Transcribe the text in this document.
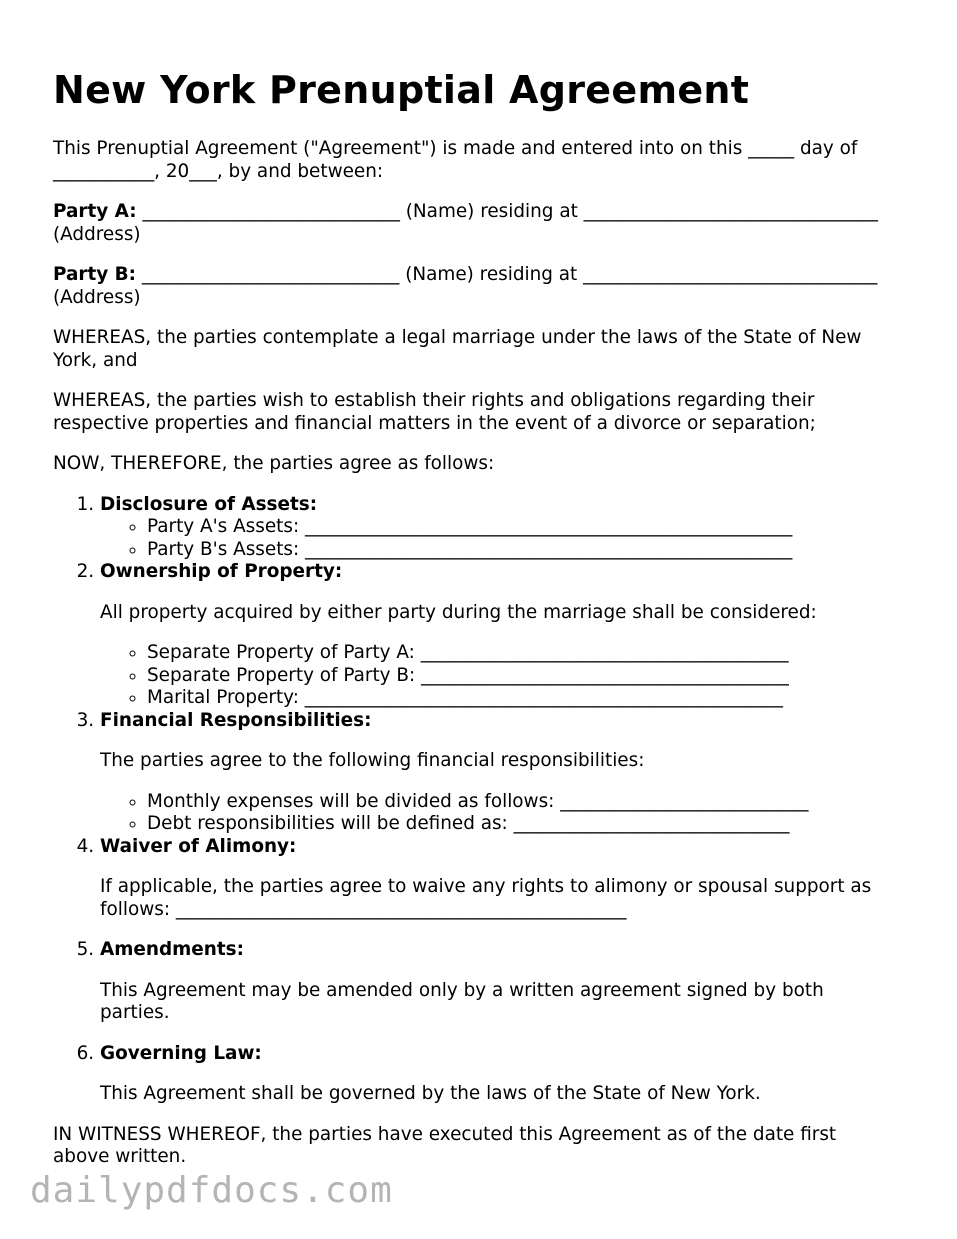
New York Prenuptial Agreement

This Prenuptial Agreement ("Agreement") is made and entered into on this _____ day of ___________, 20___, by and between:

Party A: ____________________________ (Name) residing at ________________________________ (Address)

Party B: ____________________________ (Name) residing at ________________________________ (Address)

WHEREAS, the parties contemplate a legal marriage under the laws of the State of New York, and

WHEREAS, the parties wish to establish their rights and obligations regarding their respective properties and financial matters in the event of a divorce or separation;

NOW, THEREFORE, the parties agree as follows:

1. Disclosure of Assets:
◦ Party A's Assets: _____________________________________________________
◦ Party B's Assets: _____________________________________________________
2. Ownership of Property:

All property acquired by either party during the marriage shall be considered:

◦ Separate Property of Party A: ________________________________________
◦ Separate Property of Party B: ________________________________________
◦ Marital Property: ____________________________________________________
3. Financial Responsibilities:

The parties agree to the following financial responsibilities:

◦ Monthly expenses will be divided as follows: ___________________________
◦ Debt responsibilities will be defined as: ______________________________
4. Waiver of Alimony:

If applicable, the parties agree to waive any rights to alimony or spousal support as follows: _________________________________________________

5. Amendments:

This Agreement may be amended only by a written agreement signed by both parties.

6. Governing Law:

This Agreement shall be governed by the laws of the State of New York.

IN WITNESS WHEREOF, the parties have executed this Agreement as of the date first above written.

dailypdfdocs.com
